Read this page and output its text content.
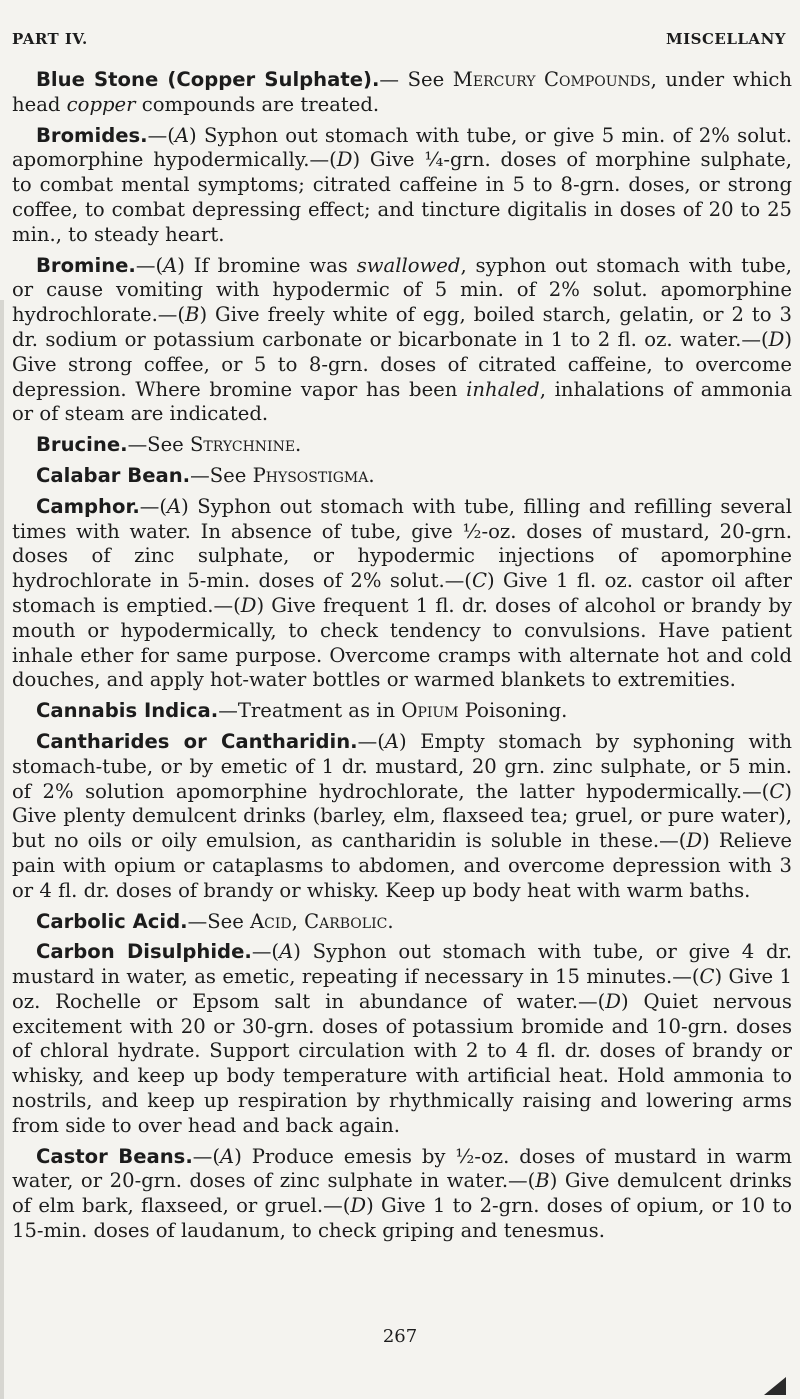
PART IV.	MISCELLANY

Blue Stone (Copper Sulphate).— See Mercury Compounds, under which head copper compounds are treated.

Bromides.—(A) Syphon out stomach with tube, or give 5 min. of 2% solut. apomorphine hypodermically.—(D) Give ¼-grn. doses of morphine sulphate, to combat mental symptoms; citrated caffeine in 5 to 8-grn. doses, or strong coffee, to combat depressing effect; and tincture digitalis in doses of 20 to 25 min., to steady heart.

Bromine.—(A) If bromine was swallowed, syphon out stomach with tube, or cause vomiting with hypodermic of 5 min. of 2% solut. apomorphine hydrochlorate.—(B) Give freely white of egg, boiled starch, gelatin, or 2 to 3 dr. sodium or potassium carbonate or bicarbonate in 1 to 2 fl. oz. water.—(D) Give strong coffee, or 5 to 8-grn. doses of citrated caffeine, to overcome depression. Where bromine vapor has been inhaled, inhalations of ammonia or of steam are indicated.

Brucine.—See Strychnine.

Calabar Bean.—See Physostigma.

Camphor.—(A) Syphon out stomach with tube, filling and refilling several times with water. In absence of tube, give ½-oz. doses of mustard, 20-grn. doses of zinc sulphate, or hypodermic injections of apomorphine hydrochlorate in 5-min. doses of 2% solut.—(C) Give 1 fl. oz. castor oil after stomach is emptied.—(D) Give frequent 1 fl. dr. doses of alcohol or brandy by mouth or hypodermically, to check tendency to convulsions. Have patient inhale ether for same purpose. Overcome cramps with alternate hot and cold douches, and apply hot-water bottles or warmed blankets to extremities.

Cannabis Indica.—Treatment as in Opium Poisoning.

Cantharides or Cantharidin.—(A) Empty stomach by syphoning with stomach-tube, or by emetic of 1 dr. mustard, 20 grn. zinc sulphate, or 5 min. of 2% solution apomorphine hydrochlorate, the latter hypodermically.—(C) Give plenty demulcent drinks (barley, elm, flaxseed tea; gruel, or pure water), but no oils or oily emulsion, as cantharidin is soluble in these.—(D) Relieve pain with opium or cataplasms to abdomen, and overcome depression with 3 or 4 fl. dr. doses of brandy or whisky. Keep up body heat with warm baths.

Carbolic Acid.—See Acid, Carbolic.

Carbon Disulphide.—(A) Syphon out stomach with tube, or give 4 dr. mustard in water, as emetic, repeating if necessary in 15 minutes.—(C) Give 1 oz. Rochelle or Epsom salt in abundance of water.—(D) Quiet nervous excitement with 20 or 30-grn. doses of potassium bromide and 10-grn. doses of chloral hydrate. Support circulation with 2 to 4 fl. dr. doses of brandy or whisky, and keep up body temperature with artificial heat. Hold ammonia to nostrils, and keep up respiration by rhythmically raising and lowering arms from side to over head and back again.

Castor Beans.—(A) Produce emesis by ½-oz. doses of mustard in warm water, or 20-grn. doses of zinc sulphate in water.—(B) Give demulcent drinks of elm bark, flaxseed, or gruel.—(D) Give 1 to 2-grn. doses of opium, or 10 to 15-min. doses of laudanum, to check griping and tenesmus.

267
